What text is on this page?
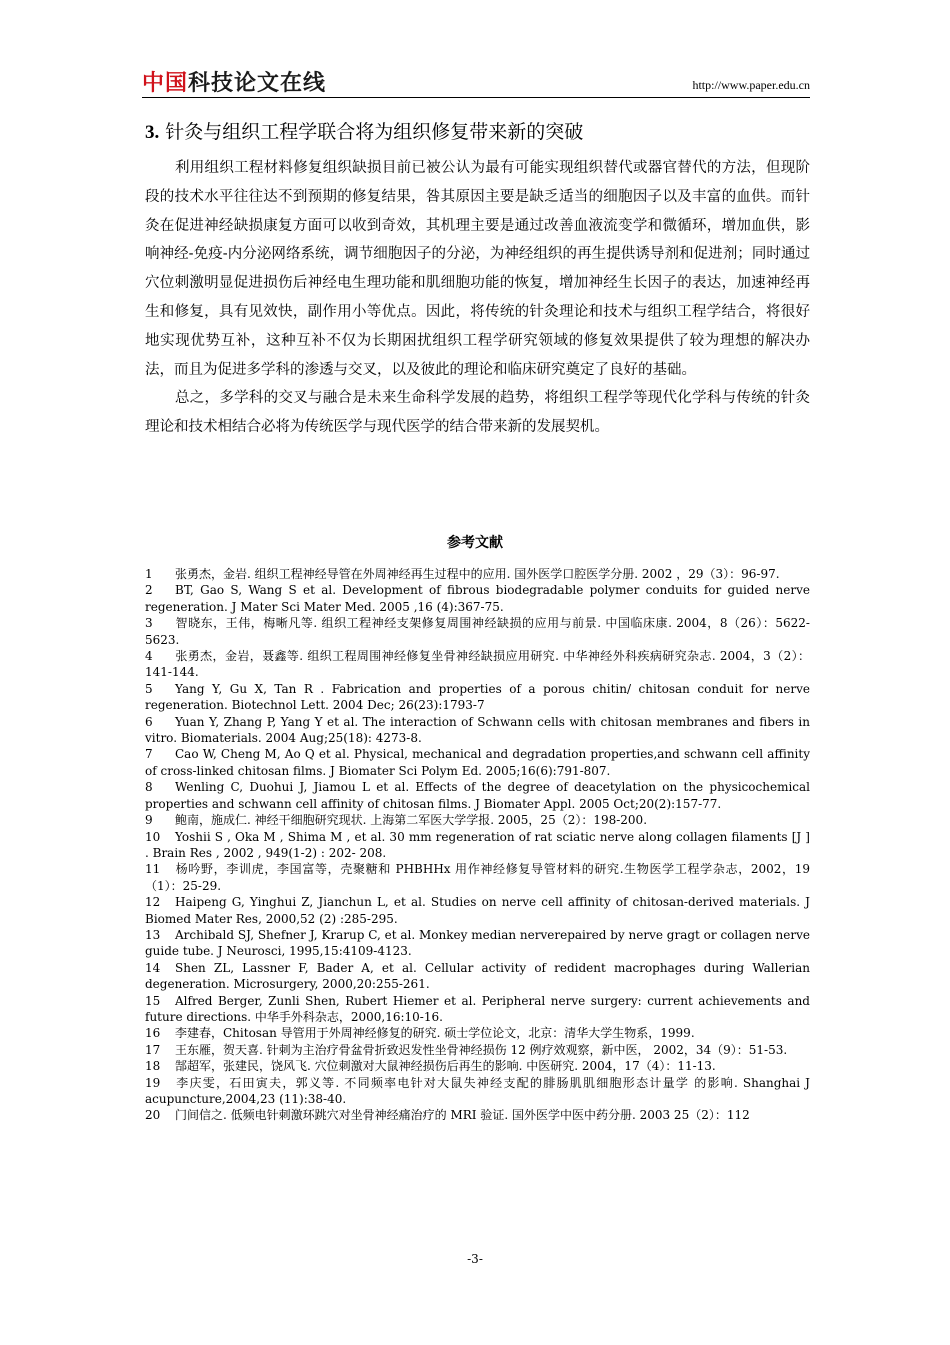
中国科技论文在线	http://www.paper.edu.cn
3. 针灸与组织工程学联合将为组织修复带来新的突破

利用组织工程材料修复组织缺损目前已被公认为最有可能实现组织替代或器官替代的方法，但现阶段的技术水平往往达不到预期的修复结果，咎其原因主要是缺乏适当的细胞因子以及丰富的血供。而针灸在促进神经缺损康复方面可以收到奇效，其机理主要是通过改善血液流变学和微循环，增加血供，影响神经-免疫-内分泌网络系统，调节细胞因子的分泌，为神经组织的再生提供诱导剂和促进剂；同时通过穴位刺激明显促进损伤后神经电生理功能和肌细胞功能的恢复，增加神经生长因子的表达，加速神经再生和修复，具有见效快，副作用小等优点。因此，将传统的针灸理论和技术与组织工程学结合，将很好地实现优势互补，这种互补不仅为长期困扰组织工程学研究领域的修复效果提供了较为理想的解决办法，而且为促进多学科的渗透与交叉，以及彼此的理论和临床研究奠定了良好的基础。

总之，多学科的交叉与融合是未来生命科学发展的趋势，将组织工程学等现代化学科与传统的针灸理论和技术相结合必将为传统医学与现代医学的结合带来新的发展契机。

参考文献
1 张勇杰，金岩. 组织工程神经导管在外周神经再生过程中的应用. 国外医学口腔医学分册. 2002 ，29（3）：96-97.
2 BT, Gao S, Wang S et al. Development of fibrous biodegradable polymer conduits for guided nerve regeneration. J Mater Sci Mater Med. 2005 ,16 (4):367-75.
3 智晓东，王伟，梅晰凡等. 组织工程神经支架修复周围神经缺损的应用与前景. 中国临床康. 2004，8（26）：5622-5623.
4 张勇杰，金岩，聂鑫等. 组织工程周围神经修复坐骨神经缺损应用研究. 中华神经外科疾病研究杂志. 2004，3（2）：141-144.
5 Yang Y, Gu X, Tan R . Fabrication and properties of a porous chitin/ chitosan conduit for nerve regeneration. Biotechnol Lett. 2004 Dec; 26(23):1793-7
6 Yuan Y, Zhang P, Yang Y et al. The interaction of Schwann cells with chitosan membranes and fibers in vitro. Biomaterials. 2004 Aug;25(18): 4273-8.
7 Cao W, Cheng M, Ao Q et al. Physical, mechanical and degradation properties,and schwann cell affinity of cross-linked chitosan films. J Biomater Sci Polym Ed. 2005;16(6):791-807.
8 Wenling C, Duohui J, Jiamou L et al. Effects of the degree of deacetylation on the physicochemical properties and schwann cell affinity of chitosan films. J Biomater Appl. 2005 Oct;20(2):157-77.
9 鲍南，施成仁. 神经干细胞研究现状. 上海第二军医大学学报. 2005，25（2）：198-200.
10 Yoshii S , Oka M , Shima M , et al. 30 mm regeneration of rat sciatic nerve along collagen filaments [J ] . Brain Res , 2002 , 949(1-2) : 202- 208.
11 杨吟野，李训虎，李国富等，壳聚糖和 PHBHHx 用作神经修复导管材料的研究.生物医学工程学杂志，2002，19（1）：25-29.
12 Haipeng G, Yinghui Z, Jianchun L, et al. Studies on nerve cell affinity of chitosan-derived materials. J Biomed Mater Res, 2000,52 (2) :285-295.
13 Archibald SJ, Shefner J, Krarup C, et al. Monkey median nerverepaired by nerve gragt or collagen nerve guide tube. J Neurosci, 1995,15:4109-4123.
14 Shen ZL, Lassner F, Bader A, et al. Cellular activity of redident macrophages during Wallerian degeneration. Microsurgery, 2000,20:255-261.
15 Alfred Berger, Zunli Shen, Rubert Hiemer et al. Peripheral nerve surgery: current achievements and future directions. 中华手外科杂志，2000,16:10-16.
16 李建春，Chitosan 导管用于外周神经修复的研究. 硕士学位论文，北京：清华大学生物系，1999.
17 王东雁，贺天喜. 针刺为主治疗骨盆骨折致迟发性坐骨神经损伤 12 例疗效观察，新中医， 2002，34（9）：51-53.
18 郜超军，张建民，饶风飞. 穴位刺激对大鼠神经损伤后再生的影响. 中医研究. 2004，17（4）：11-13.
19 李庆雯，石田寅夫，郭义等. 不同频率电针对大鼠失神经支配的腓肠肌肌细胞形态计量学 的影响. Shanghai J acupuncture,2004,23 (11):38-40.
20 门间信之. 低频电针刺激环跳穴对坐骨神经痛治疗的 MRI 验证. 国外医学中医中药分册. 2003 25（2）：112
-3-
